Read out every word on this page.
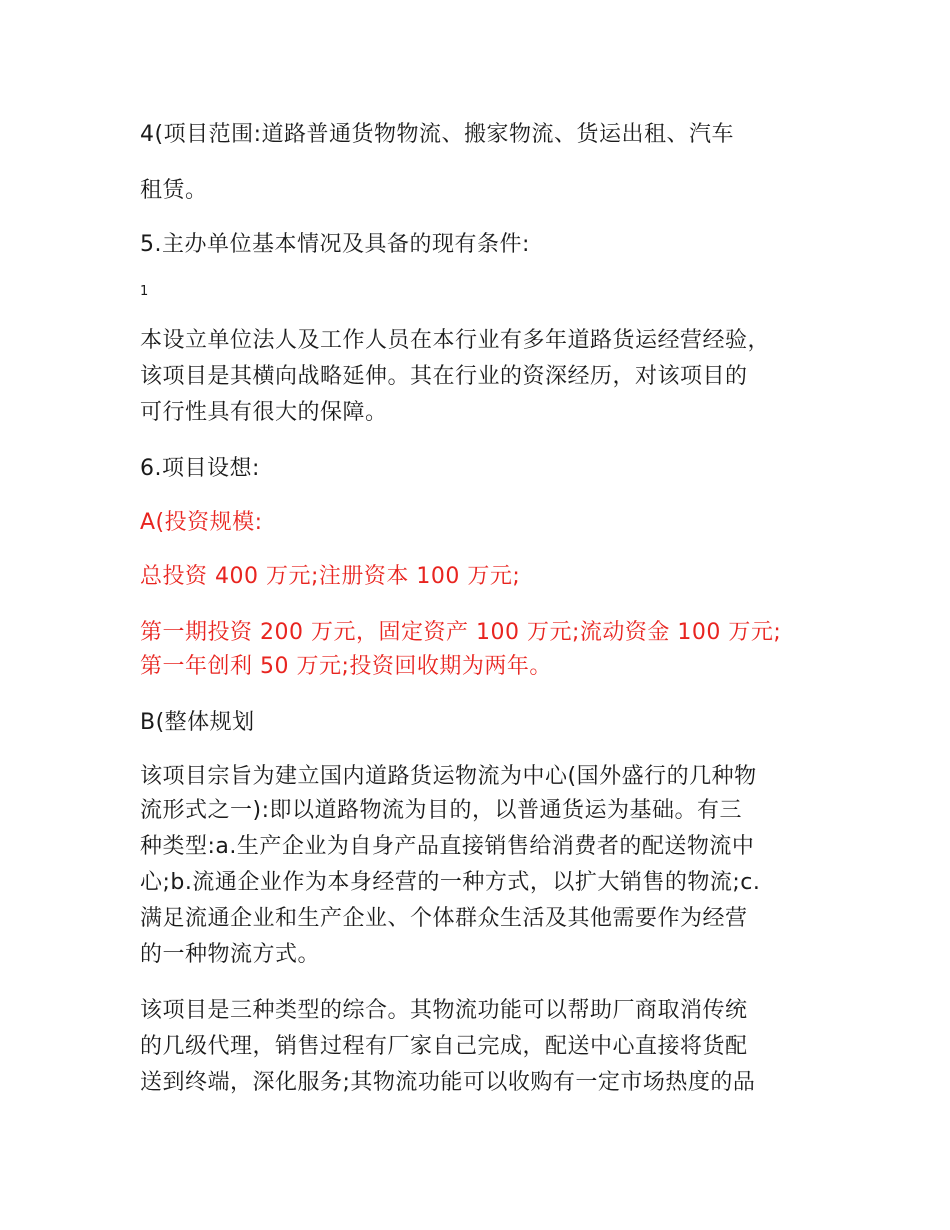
4(项目范围:道路普通货物物流、搬家物流、货运出租、汽车
租赁。
5.主办单位基本情况及具备的现有条件:
1
本设立单位法人及工作人员在本行业有多年道路货运经营经验，
该项目是其横向战略延伸。其在行业的资深经历，对该项目的
可行性具有很大的保障。
6.项目设想:
A(投资规模:
总投资 400 万元;注册资本 100 万元;
第一期投资 200 万元，固定资产 100 万元;流动资金 100 万元;
第一年创利 50 万元;投资回收期为两年。
B(整体规划
该项目宗旨为建立国内道路货运物流为中心(国外盛行的几种物
流形式之一):即以道路物流为目的，以普通货运为基础。有三
种类型:a.生产企业为自身产品直接销售给消费者的配送物流中
心;b.流通企业作为本身经营的一种方式，以扩大销售的物流;c.
满足流通企业和生产企业、个体群众生活及其他需要作为经营
的一种物流方式。
该项目是三种类型的综合。其物流功能可以帮助厂商取消传统
的几级代理，销售过程有厂家自己完成，配送中心直接将货配
送到终端，深化服务;其物流功能可以收购有一定市场热度的品
